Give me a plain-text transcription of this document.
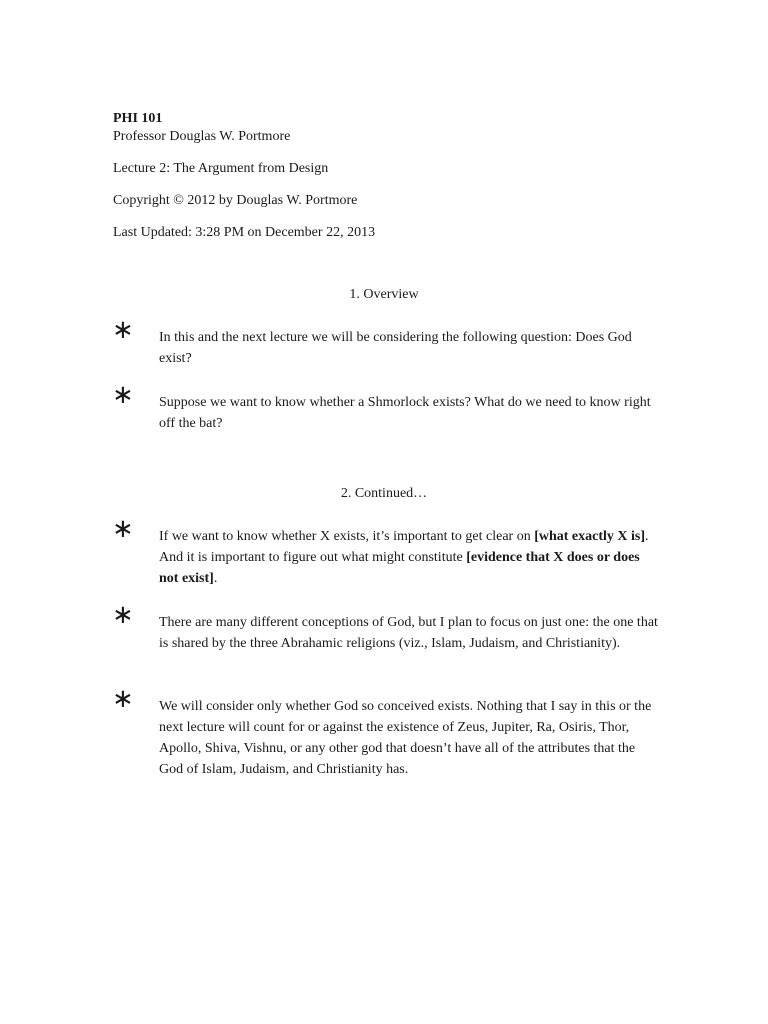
PHI 101

Professor Douglas W. Portmore

Lecture 2: The Argument from Design

Copyright © 2012 by Douglas W. Portmore

Last Updated: 3:28 PM on December 22, 2013

1. Overview
∗ In this and the next lecture we will be considering the following question: Does God exist?
∗ Suppose we want to know whether a Shmorlock exists? What do we need to know right off the bat?
2. Continued…
∗ If we want to know whether X exists, it’s important to get clear on [what exactly X is]. And it is important to figure out what might constitute [evidence that X does or does not exist].
∗ There are many different conceptions of God, but I plan to focus on just one: the one that is shared by the three Abrahamic religions (viz., Islam, Judaism, and Christianity).
∗ We will consider only whether God so conceived exists. Nothing that I say in this or the next lecture will count for or against the existence of Zeus, Jupiter, Ra, Osiris, Thor, Apollo, Shiva, Vishnu, or any other god that doesn’t have all of the attributes that the God of Islam, Judaism, and Christianity has.
